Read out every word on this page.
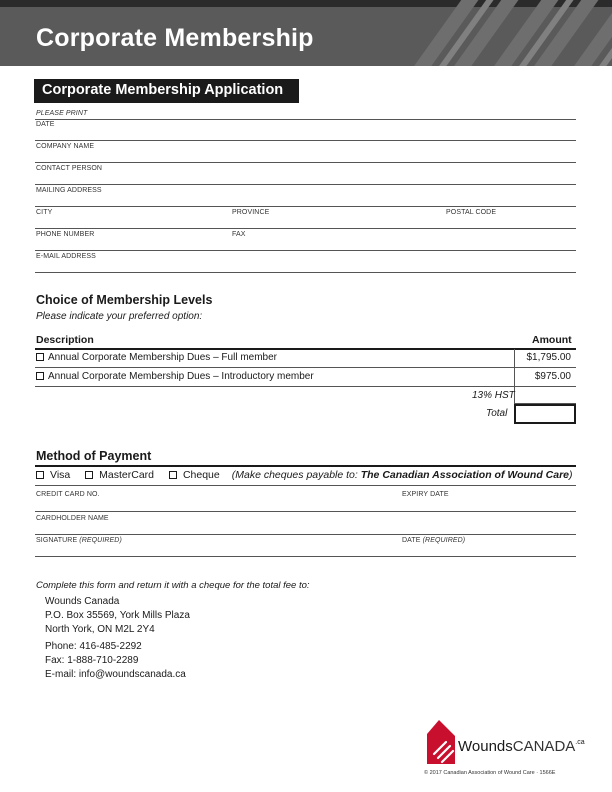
Corporate Membership
Corporate Membership Application
PLEASE PRINT
DATE
COMPANY NAME
CONTACT PERSON
MAILING ADDRESS
CITY	PROVINCE	POSTAL CODE
PHONE NUMBER	FAX
E-MAIL ADDRESS
Choice of Membership Levels
Please indicate your preferred option:
Description	Amount
Annual Corporate Membership Dues – Full member	$1,795.00
Annual Corporate Membership Dues – Introductory member	$975.00
13% HST
Total
Method of Payment
Visa	MasterCard	Cheque (Make cheques payable to: The Canadian Association of Wound Care)
CREDIT CARD NO.	EXPIRY DATE
CARDHOLDER NAME
SIGNATURE (REQUIRED)	DATE (REQUIRED)
Complete this form and return it with a cheque for the total fee to:
Wounds Canada
P.O. Box 35569, York Mills Plaza
North York, ON M2L 2Y4
Phone: 416-485-2292
Fax: 1-888-710-2289
E-mail: info@woundscanada.ca
WoundsCANADA$^{.ca}$
© 2017 Canadian Association of Wound Care · 1566E
